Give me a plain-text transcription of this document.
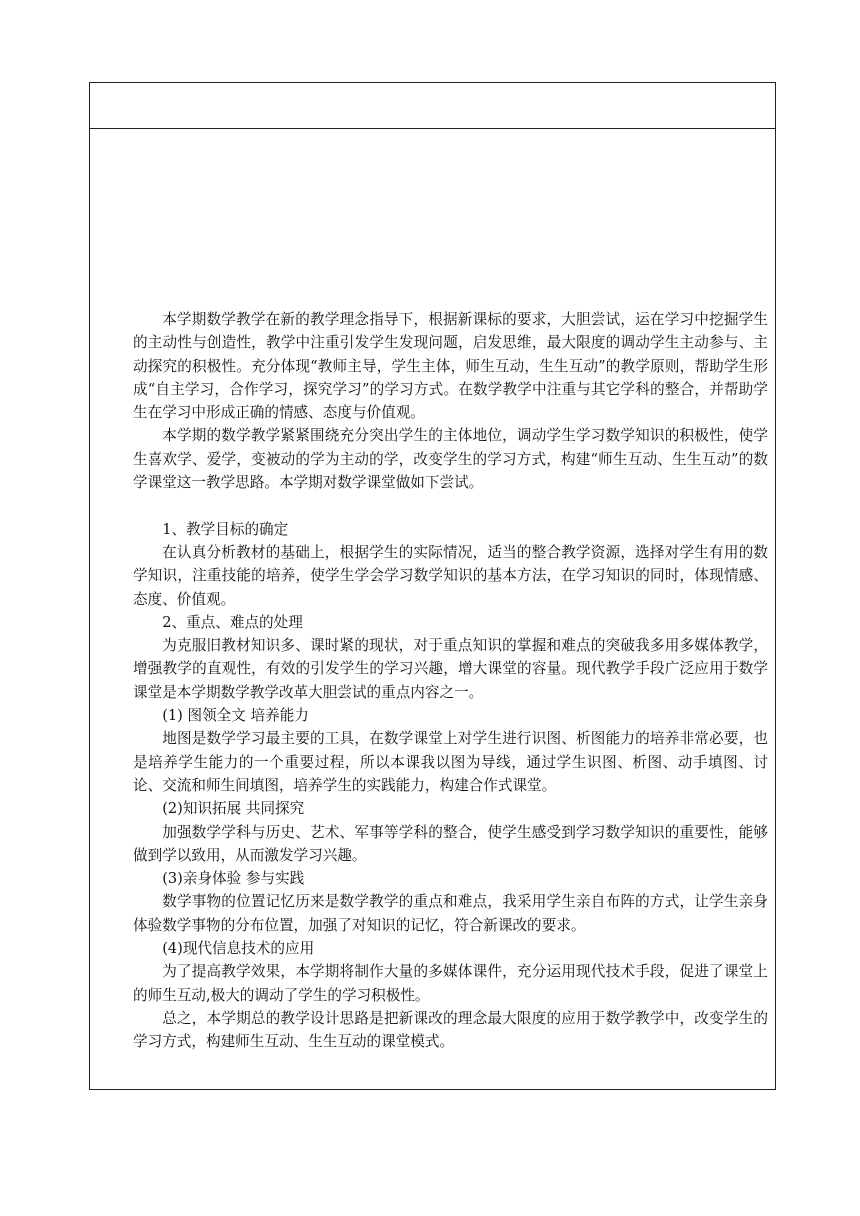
本学期数学教学在新的教学理念指导下，根据新课标的要求，大胆尝试，运在学习中挖掘学生的主动性与创造性，教学中注重引发学生发现问题，启发思维，最大限度的调动学生主动参与、主动探究的积极性。充分体现“教师主导，学生主体，师生互动，生生互动”的教学原则，帮助学生形成“自主学习，合作学习，探究学习”的学习方式。在数学教学中注重与其它学科的整合，并帮助学生在学习中形成正确的情感、态度与价值观。

本学期的数学教学紧紧围绕充分突出学生的主体地位，调动学生学习数学知识的积极性，使学生喜欢学、爱学，变被动的学为主动的学，改变学生的学习方式，构建“师生互动、生生互动”的数学课堂这一教学思路。本学期对数学课堂做如下尝试。

1、教学目标的确定

在认真分析教材的基础上，根据学生的实际情况，适当的整合教学资源，选择对学生有用的数学知识，注重技能的培养，使学生学会学习数学知识的基本方法，在学习知识的同时，体现情感、态度、价值观。

2、重点、难点的处理

为克服旧教材知识多、课时紧的现状，对于重点知识的掌握和难点的突破我多用多媒体教学，增强教学的直观性，有效的引发学生的学习兴趣，增大课堂的容量。现代教学手段广泛应用于数学课堂是本学期数学教学改革大胆尝试的重点内容之一。

(1) 图领全文 培养能力

地图是数学学习最主要的工具，在数学课堂上对学生进行识图、析图能力的培养非常必要，也是培养学生能力的一个重要过程，所以本课我以图为导线，通过学生识图、析图、动手填图、讨论、交流和师生间填图，培养学生的实践能力，构建合作式课堂。

(2)知识拓展 共同探究

加强数学学科与历史、艺术、军事等学科的整合，使学生感受到学习数学知识的重要性，能够做到学以致用，从而激发学习兴趣。

(3)亲身体验 参与实践

数学事物的位置记忆历来是数学教学的重点和难点，我采用学生亲自布阵的方式，让学生亲身体验数学事物的分布位置，加强了对知识的记忆，符合新课改的要求。

(4)现代信息技术的应用

为了提高教学效果，本学期将制作大量的多媒体课件，充分运用现代技术手段，促进了课堂上的师生互动,极大的调动了学生的学习积极性。

总之，本学期总的教学设计思路是把新课改的理念最大限度的应用于数学教学中，改变学生的学习方式，构建师生互动、生生互动的课堂模式。
